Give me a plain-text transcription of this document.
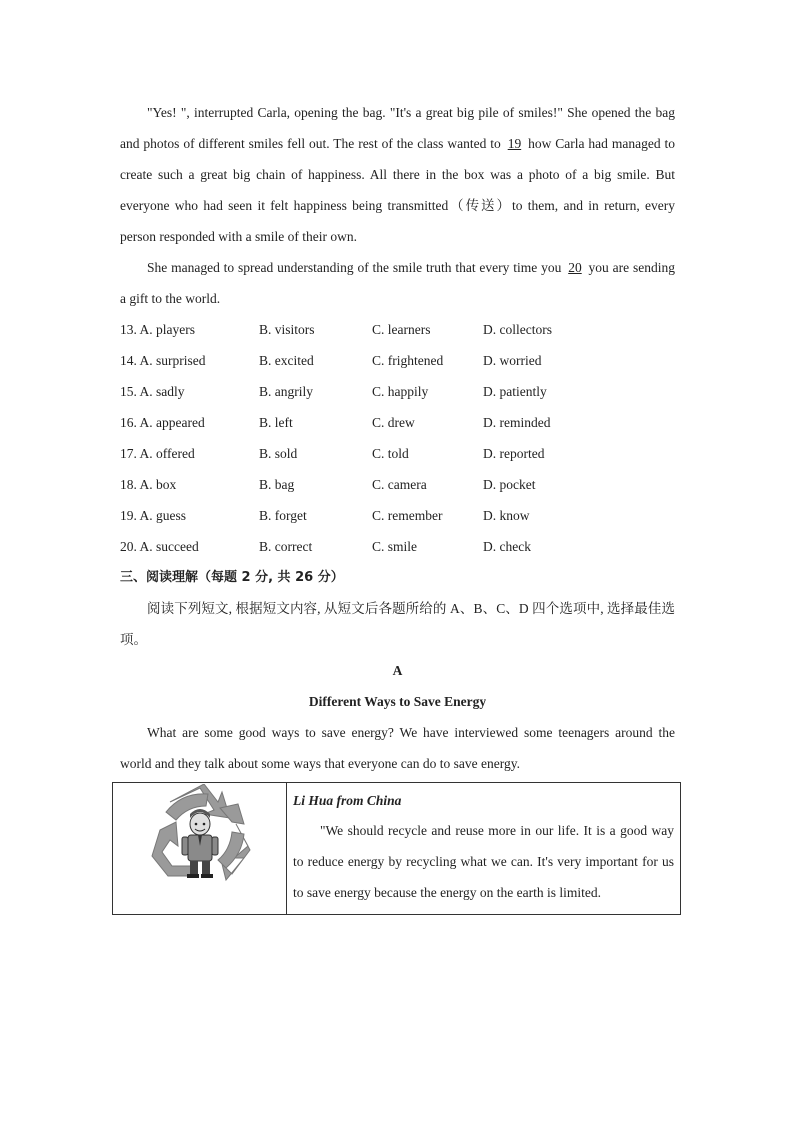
"Yes! ", interrupted Carla, opening the bag. "It's a great big pile of smiles!" She opened the bag and photos of different smiles fell out. The rest of the class wanted to 19 how Carla had managed to create such a great big chain of happiness. All there in the box was a photo of a big smile. But everyone who had seen it felt happiness being transmitted（传送）to them, and in return, every person responded with a smile of their own.

She managed to spread understanding of the smile truth that every time you 20 you are sending a gift to the world.

13. A. players	B. visitors	C. learners	D. collectors
14. A. surprised	B. excited	C. frightened	D. worried
15. A. sadly	B. angrily	C. happily	D. patiently
16. A. appeared	B. left	C. drew	D. reminded
17. A. offered	B. sold	C. told	D. reported
18. A. box	B. bag	C. camera	D. pocket
19. A. guess	B. forget	C. remember	D. know
20. A. succeed	B. correct	C. smile	D. check

三、阅读理解（每题 2 分, 共 26 分）

阅读下列短文, 根据短文内容, 从短文后各题所给的 A、B、C、D 四个选项中, 选择最佳选项。

A

Different Ways to Save Energy

What are some good ways to save energy? We have interviewed some teenagers around the world and they talk about some ways that everyone can do to save energy.

Li Hua from China

"We should recycle and reuse more in our life. It is a good way to reduce energy by recycling what we can. It's very important for us to save energy because the energy on the earth is limited.
